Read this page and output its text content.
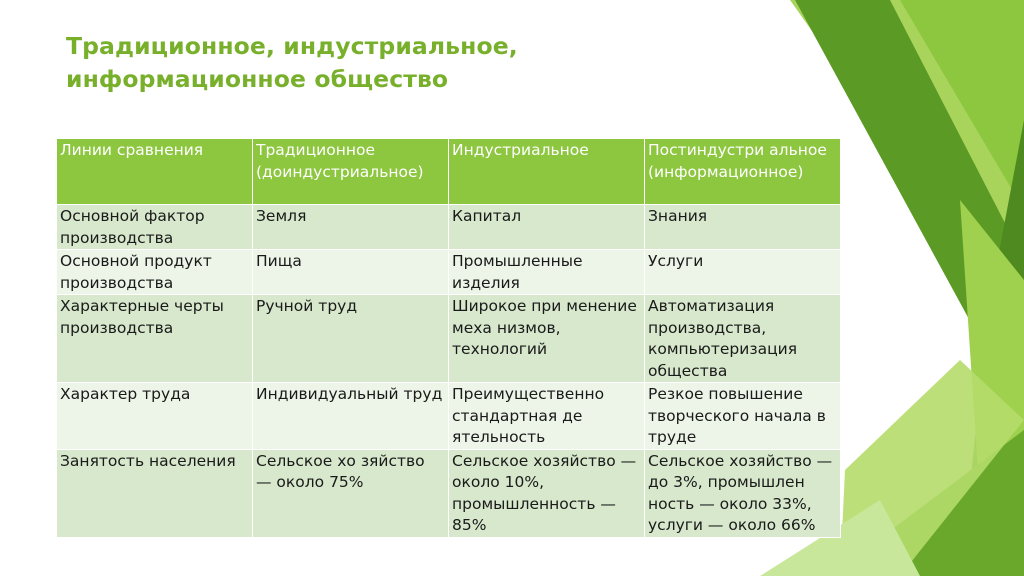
Традиционное, индустриальное,
информационное общество
Линии сравнения	Традиционное (доиндустриальное)	Индустриальное	Постиндустри альное (информационное)
Основной фактор производства	Земля	Капитал	Знания
Основной продукт производства	Пища	Промышленные изделия	Услуги
Характерные черты производства	Ручной труд	Широкое при менение меха низмов, технологий	Автоматизация производства, компьютеризация общества
Характер труда	Индивидуальный труд	Преимущественно стандартная де ятельность	Резкое повышение творческого начала в труде
Занятость населения	Сельское хо зяйство — около 75%	Сельское хозяйство — около 10%, промышленность — 85%	Сельское хозяйство — до 3%, промышлен ность — около 33%, услуги — около 66%
